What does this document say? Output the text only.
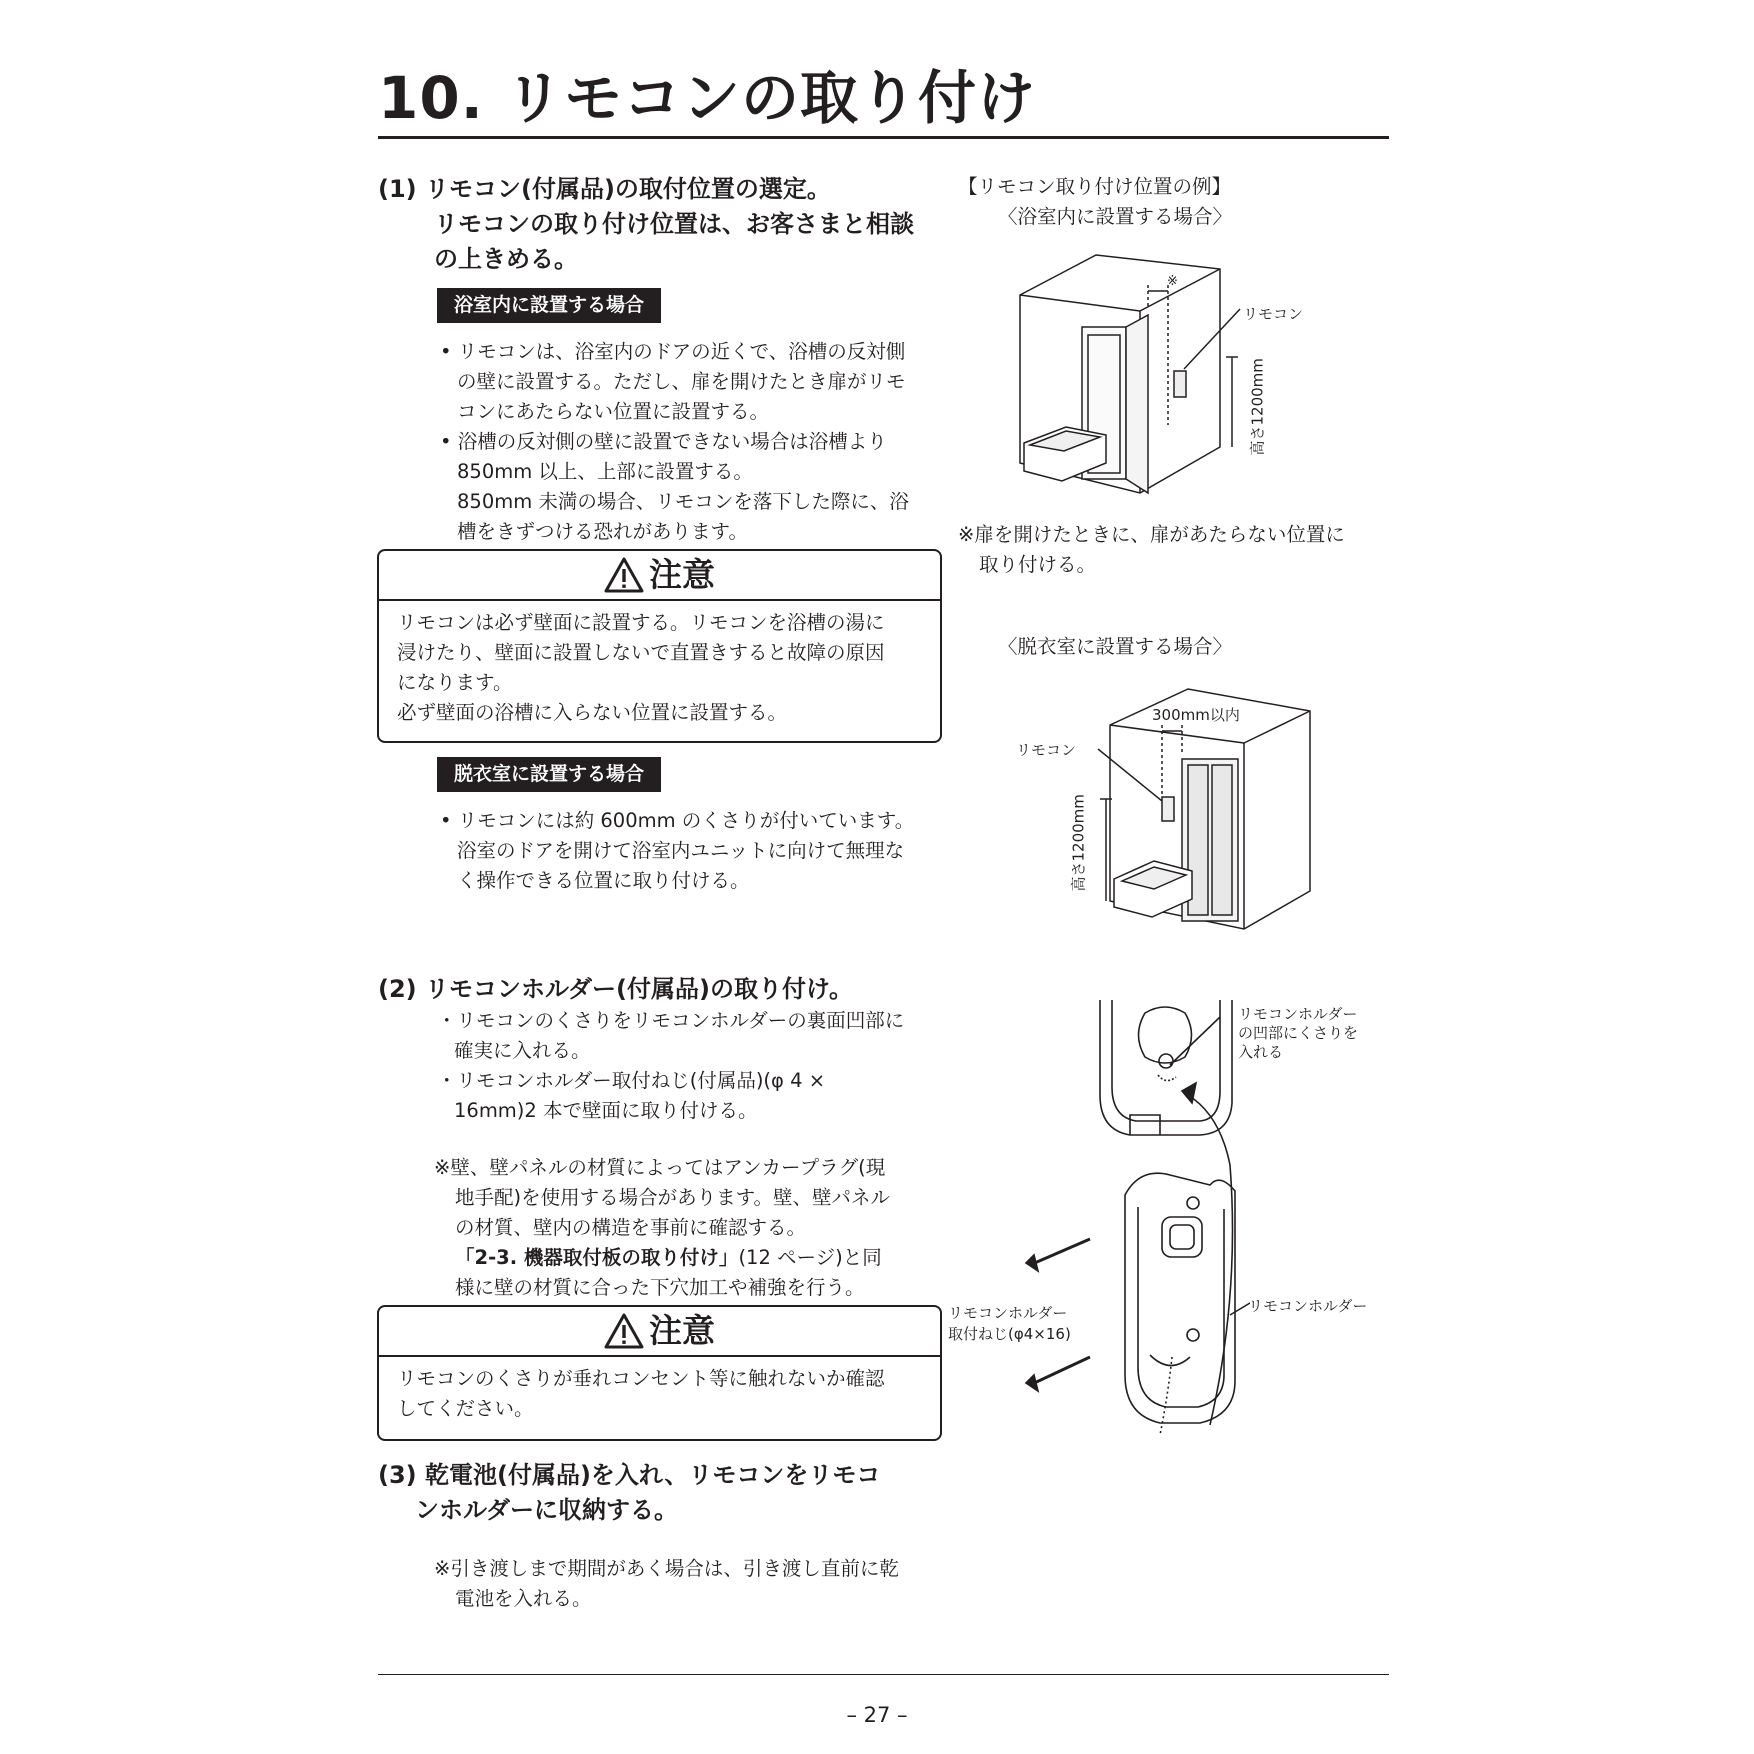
10. リモコンの取り付け
(1) リモコン(付属品)の取付位置の選定。
リモコンの取り付け位置は、お客さまと相談
の上きめる。
浴室内に設置する場合
• リモコンは、浴室内のドアの近くで、浴槽の反対側
の壁に設置する。ただし、扉を開けたとき扉がリモ
コンにあたらない位置に設置する。
• 浴槽の反対側の壁に設置できない場合は浴槽より
850mm 以上、上部に設置する。
850mm 未満の場合、リモコンを落下した際に、浴
槽をきずつける恐れがあります。
注意
リモコンは必ず壁面に設置する。リモコンを浴槽の湯に
浸けたり、壁面に設置しないで直置きすると故障の原因
になります。
必ず壁面の浴槽に入らない位置に設置する。
脱衣室に設置する場合
• リモコンには約 600mm のくさりが付いています。
浴室のドアを開けて浴室内ユニットに向けて無理な
く操作できる位置に取り付ける。
【リモコン取り付け位置の例】
〈浴室内に設置する場合〉
※
リモコン
高さ1200mm
※扉を開けたときに、扉があたらない位置に
取り付ける。
〈脱衣室に設置する場合〉
300mm以内
リモコン
高さ1200mm
(2) リモコンホルダー(付属品)の取り付け。
・リモコンのくさりをリモコンホルダーの裏面凹部に
確実に入れる。
・リモコンホルダー取付ねじ(付属品)(φ 4 ×
16mm)2 本で壁面に取り付ける。
※壁、壁パネルの材質によってはアンカープラグ(現
地手配)を使用する場合があります。壁、壁パネル
の材質、壁内の構造を事前に確認する。
「2-3. 機器取付板の取り付け」(12 ページ)と同
様に壁の材質に合った下穴加工や補強を行う。
注意
リモコンのくさりが垂れコンセント等に触れないか確認
してください。
リモコンホルダー
の凹部にくさりを
入れる
リモコンホルダー
リモコンホルダー
取付ねじ(φ4×16)
(3) 乾電池(付属品)を入れ、リモコンをリモコ
ンホルダーに収納する。
※引き渡しまで期間があく場合は、引き渡し直前に乾
電池を入れる。
– 27 –
